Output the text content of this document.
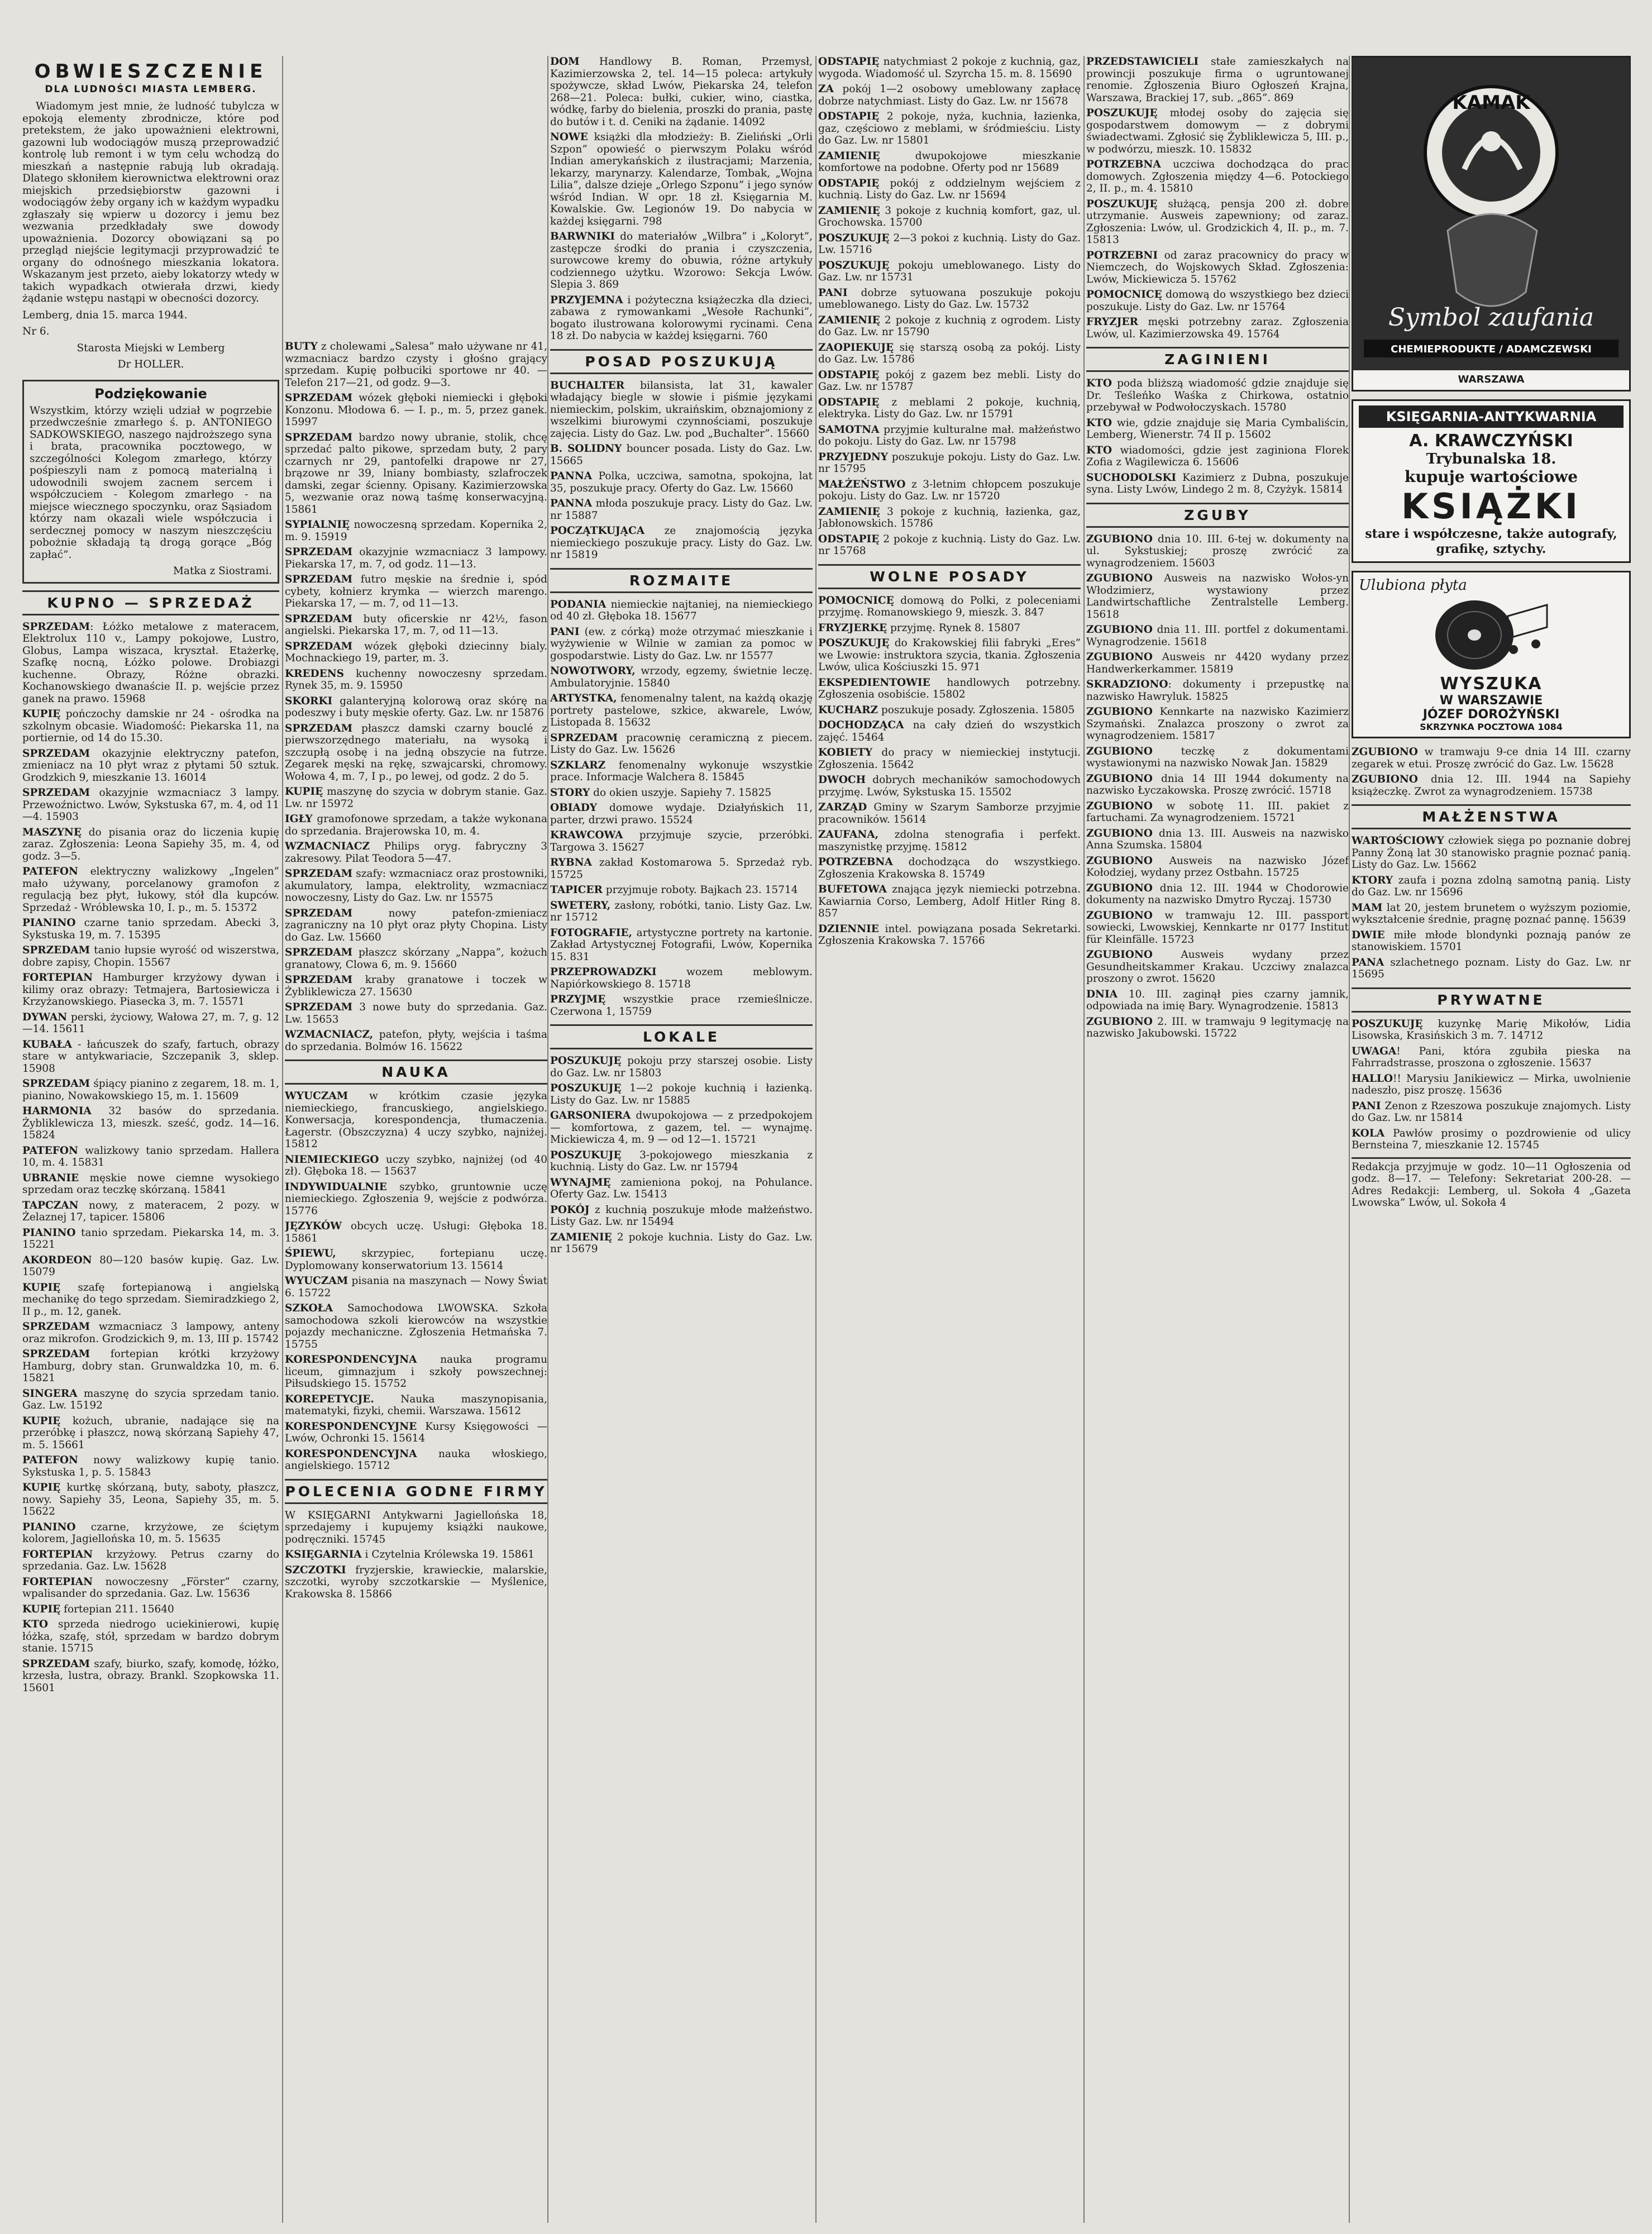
OBWIESZCZENIE
DLA LUDNOŚCI MIASTA LEMBERG.

Wiadomym jest mnie, że ludność tubylcza w epokoją elementy zbrodnicze, które pod pretekstem, że jako upoważnieni elektrowni, gazowni lub wodociągów muszą przeprowadzić kontrolę lub remont i w tym celu wchodzą do mieszkań a następnie rabują lub okradają. Dlatego skłoniłem kierownictwa elektrowni oraz miejskich przedsiębiorstw gazowni i wodociągów żeby organy ich w każdym wypadku zgłaszały się wpierw u dozorcy i jemu bez wezwania przedkładały swe dowody upoważnienia. Dozorcy obowiązani są po przegląd niejście legitymacji przyprowadzić te organy do odnośnego mieszkania lokatora. Wskazanym jest przeto, aieby lokatorzy wtedy w takich wypadkach otwierała drzwi, kiedy żądanie wstępu nastąpi w obecności dozorcy.

Lemberg, dnia 15. marca 1944.

Nr 6.

Starosta Miejski w Lemberg

Dr HOLLER.

Podziękowanie

Wszystkim, którzy wzięli udział w pogrzebie przedwcześnie zmarłego ś. p. ANTONIEGO SADKOWSKIEGO, naszego najdroższego syna i brata, pracownika pocztowego, w szczególności Kolegom zmarłego, którzy pośpieszyli nam z pomocą materialną i udowodnili swojem zacnem sercem i współczuciem - Kolegom zmarłego - na miejsce wiecznego spoczynku, oraz Sąsiadom którzy nam okazali wiele współczucia i serdecznej pomocy w naszym nieszczęściu pobożnie składają tą drogą gorące „Bóg zapłać”.

Matka z Siostrami.

KUPNO — SPRZEDAŻ

SPRZEDAM: Łóżko metalowe z materacem, Elektrolux 110 v., Lampy pokojowe, Lustro, Globus, Lampa wiszaca, kryształ. Etażerkę, Szafkę nocną, Łóżko polowe. Drobiazgi kuchenne. Obrazy, Różne obrazki. Kochanowskiego dwanaście II. p. wejście przez ganek na prawo. 15968

KUPIĘ pończochy damskie nr 24 - ośrodka na szkolnym obcasie. Wiadomość: Piekarska 11, na portiernie, od 14 do 15.30.

SPRZEDAM okazyjnie elektryczny patefon, zmieniacz na 10 płyt wraz z płytami 50 sztuk. Grodzkich 9, mieszkanie 13. 16014

SPRZEDAM okazyjnie wzmacniacz 3 lampy. Przewoźnictwo. Lwów, Sykstuska 67, m. 4, od 11—4. 15903

MASZYNĘ do pisania oraz do liczenia kupię zaraz. Zgłoszenia: Leona Sapiehy 35, m. 4, od godz. 3—5.

PATEFON elektryczny walizkowy „Ingelen” mało używany, porcelanowy gramofon z regulacją bez płyt, łukowy, stół dla kupców. Sprzedaż - Wróblewska 10, I. p., m. 5. 15372

PIANINO czarne tanio sprzedam. Abecki 3, Sykstuska 19, m. 7. 15395

SPRZEDAM tanio łupsie wyrość od wiszerstwa, dobre zapisy, Chopin. 15567

FORTEPIAN Hamburger krzyżowy dywan i kilimy oraz obrazy: Tetmajera, Bartosiewicza i Krzyżanowskiego. Piasecka 3, m. 7. 15571

DYWAN perski, życiowy, Wałowa 27, m. 7, g. 12—14. 15611

KUBAŁA - łańcuszek do szafy, fartuch, obrazy stare w antykwariacie, Szczepanik 3, sklep. 15908

SPRZEDAM śpiący pianino z zegarem, 18. m. 1, pianino, Nowakowskiego 15, m. 1. 15609

HARMONIA 32 basów do sprzedania. Żybliklewicza 13, mieszk. sześć, godz. 14—16. 15824

PATEFON walizkowy tanio sprzedam. Hallera 10, m. 4. 15831

UBRANIE męskie nowe ciemne wysokiego sprzedam oraz teczkę skórzaną. 15841

TAPCZAN nowy, z materacem, 2 pozy. w Żelaznej 17, tapicer. 15806

PIANINO tanio sprzedam. Piekarska 14, m. 3. 15221

AKORDEON 80—120 basów kupię. Gaz. Lw. 15079

KUPIĘ szafę fortepianową i angielską mechanikę do tego sprzedam. Siemiradzkiego 2, II p., m. 12, ganek.

SPRZEDAM wzmacniacz 3 lampowy, anteny oraz mikrofon. Grodzickich 9, m. 13, III p. 15742

SPRZEDAM fortepian krótki krzyżowy Hamburg, dobry stan. Grunwaldzka 10, m. 6. 15821

SINGERA maszynę do szycia sprzedam tanio. Gaz. Lw. 15192

KUPIĘ kożuch, ubranie, nadające się na przeróbkę i płaszcz, nową skórzaną Sapiehy 47, m. 5. 15661

PATEFON nowy walizkowy kupię tanio. Sykstuska 1, p. 5. 15843

KUPIĘ kurtkę skórzaną, buty, saboty, płaszcz, nowy. Sapiehy 35, Leona, Sapiehy 35, m. 5. 15622

PIANINO czarne, krzyżowe, ze ściętym kolorem, Jagiellońska 10, m. 5. 15635

FORTEPIAN krzyżowy. Petrus czarny do sprzedania. Gaz. Lw. 15628

FORTEPIAN nowoczesny „Förster” czarny, wpalisander do sprzedania. Gaz. Lw. 15636

KUPIĘ fortepian 211. 15640

KTO sprzeda niedrogo uciekinierowi, kupię łóżka, szafę, stół, sprzedam w bardzo dobrym stanie. 15715

SPRZEDAM szafy, biurko, szafy, komodę, łóżko, krzesła, lustra, obrazy. Brankl. Szopkowska 11. 15601

BUTY z cholewami „Salesa” mało używane nr 41, wzmacniacz bardzo czysty i głośno grający sprzedam. Kupię połbuciki sportowe nr 40. — Telefon 217—21, od godz. 9—3.

SPRZEDAM wózek głęboki niemiecki i głęboki Konzonu. Młodowa 6. — I. p., m. 5, przez ganek. 15997

SPRZEDAM bardzo nowy ubranie, stolik, chcę sprzedać palto pikowe, sprzedam buty, 2 pary czarnych nr 29, pantofelki drapowe nr 27, brązowe nr 39, lniany bombiasty, szlafroczek damski, zegar ścienny. Opisany. Kazimierzowska 5, wezwanie oraz nową taśmę konserwacyjną. 15861

SYPIALNIĘ nowoczesną sprzedam. Kopernika 2, m. 9. 15919

SPRZEDAM okazyjnie wzmacniacz 3 lampowy. Piekarska 17, m. 7, od godz. 11—13.

SPRZEDAM futro męskie na średnie i, spód cybety, kołnierz krymka — wierzch marengo. Piekarska 17, — m. 7, od 11—13.

SPRZEDAM buty oficerskie nr 42½, fason angielski. Piekarska 17, m. 7, od 11—13.

SPRZEDAM wózek głęboki dziecinny bialy. Mochnackiego 19, parter, m. 3.

KREDENS kuchenny nowoczesny sprzedam. Rynek 35, m. 9. 15950

SKORKI galanteryjną kolorową oraz skórę na podeszwy i buty męskie oferty. Gaz. Lw. nr 15876

SPRZEDAM płaszcz damski czarny bouclé z pierwszorzędnego materiału, na wysoką i szczupłą osobę i na jedną obszycie na futrze. Zegarek męski na rękę, szwajcarski, chromowy. Wołowa 4, m. 7, I p., po lewej, od godz. 2 do 5.

KUPIĘ maszynę do szycia w dobrym stanie. Gaz. Lw. nr 15972

IGŁY gramofonowe sprzedam, a także wykonana do sprzedania. Brajerowska 10, m. 4.

WZMACNIACZ Philips oryg. fabryczny 3 zakresowy. Pilat Teodora 5—47.

SPRZEDAM szafy: wzmacniacz oraz prostowniki, akumulatory, lampa, elektrolity, wzmacniacz nowoczesny, Listy do Gaz. Lw. nr 15575

SPRZEDAM nowy patefon-zmieniacz zagraniczny na 10 płyt oraz płyty Chopina. Listy do Gaz. Lw. 15660

SPRZEDAM płaszcz skórzany „Nappa”, kożuch granatowy, Clowa 6, m. 9. 15660

SPRZEDAM kraby granatowe i toczek w Żybliklewicza 27. 15630

SPRZEDAM 3 nowe buty do sprzedania. Gaz. Lw. 15653

WZMACNIACZ, patefon, płyty, wejścia i taśma do sprzedania. Bolmów 16. 15622

NAUKA

WYUCZAM w krótkim czasie języka niemieckiego, francuskiego, angielskiego. Konwersacja, korespondencja, tłumaczenia. Łagerstr. (Obszczyzna) 4 uczy szybko, najniżej. 15812

NIEMIECKIEGO uczy szybko, najniżej (od 40 zł). Głęboka 18. — 15637

INDYWIDUALNIE szybko, gruntownie uczę niemieckiego. Zgłoszenia 9, wejście z podwórza. 15776

JĘZYKÓW obcych uczę. Usługi: Głęboka 18. 15861

ŚPIEWU, skrzypiec, fortepianu uczę. Dyplomowany konserwatorium 13. 15614

WYUCZAM pisania na maszynach — Nowy Świat 6. 15722

SZKOŁA Samochodowa LWOWSKA. Szkoła samochodowa szkoli kierowców na wszystkie pojazdy mechaniczne. Zgłoszenia Hetmańska 7. 15755

KORESPONDENCYJNA nauka programu liceum, gimnazjum i szkoły powszechnej: Piłsudskiego 15. 15752

KOREPETYCJE. Nauka maszynopisania, matematyki, fizyki, chemii. Warszawa. 15612

KORESPONDENCYJNE Kursy Księgowości — Lwów, Ochronki 15. 15614

KORESPONDENCYJNA nauka włoskiego, angielskiego. 15712

POLECENIA GODNE FIRMY

W KSIĘGARNI Antykwarni Jagiellońska 18, sprzedajemy i kupujemy książki naukowe, podręczniki. 15745

KSIĘGARNIA i Czytelnia Królewska 19. 15861

SZCZOTKI fryzjerskie, krawieckie, malarskie, szczotki, wyroby szczotkarskie — Myślenice, Krakowska 8. 15866

DOM Handlowy B. Roman, Przemysł, Kazimierzowska 2, tel. 14—15 poleca: artykuły spożywcze, skład Lwów, Piekarska 24, telefon 268—21. Poleca: bułki, cukier, wino, ciastka, wódkę, farby do bielenia, proszki do prania, pastę do butów i t. d. Ceniki na żądanie. 14092

NOWE książki dla młodzieży: B. Zieliński „Orli Szpon” opowieść o pierwszym Polaku wśród Indian amerykańskich z ilustracjami; Marzenia, lekarzy, marynarzy. Kalendarze, Tombak, „Wojna Lilia”, dalsze dzieje „Orlego Szponu” i jego synów wśród Indian. W opr. 18 zł. Księgarnia M. Kowalskie. Gw. Legionów 19. Do nabycia w każdej księgarni. 798

BARWNIKI do materiałów „Wilbra” i „Koloryt”, zastępcze środki do prania i czyszczenia, surowcowe kremy do obuwia, różne artykuły codziennego użytku. Wzorowo: Sekcja Lwów. Slepia 3. 869

PRZYJEMNA i pożyteczna książeczka dla dzieci, zabawa z rymowankami „Wesołe Rachunki”, bogato ilustrowana kolorowymi rycinami. Cena 18 zł. Do nabycia w każdej księgarni. 760

POSAD POSZUKUJĄ

BUCHALTER bilansista, lat 31, kawaler władający biegle w słowie i piśmie językami niemieckim, polskim, ukraińskim, obznajomiony z wszelkimi biurowymi czynnościami, poszukuje zajęcia. Listy do Gaz. Lw. pod „Buchalter”. 15660

B. SOLIDNY bouncer posada. Listy do Gaz. Lw. 15665

PANNA Polka, uczciwa, samotna, spokojna, lat 35, poszukuje pracy. Oferty do Gaz. Lw. 15660

PANNA młoda poszukuje pracy. Listy do Gaz. Lw. nr 15887

POCZĄTKUJĄCA ze znajomością języka niemieckiego poszukuje pracy. Listy do Gaz. Lw. nr 15819

ROZMAITE

PODANIA niemieckie najtaniej, na niemieckiego od 40 zł. Głęboka 18. 15677

PANI (ew. z córką) może otrzymać mieszkanie i wyżywienie w Wilnie w zamian za pomoc w gospodarstwie. Listy do Gaz. Lw. nr 15577

NOWOTWORY, wrzody, egzemy, świetnie leczę. Ambulatoryjnie. 15840

ARTYSTKA, fenomenalny talent, na każdą okazję portrety pastelowe, szkice, akwarele, Lwów, Listopada 8. 15632

SPRZEDAM pracownię ceramiczną z piecem. Listy do Gaz. Lw. 15626

SZKLARZ fenomenalny wykonuje wszystkie prace. Informacje Walchera 8. 15845

STORY do okien uszyje. Sapiehy 7. 15825

OBIADY domowe wydaje. Działyńskich 11, parter, drzwi prawo. 15524

KRAWCOWA przyjmuje szycie, przeróbki. Targowa 3. 15627

RYBNA zakład Kostomarowa 5. Sprzedaż ryb. 15725

TAPICER przyjmuje roboty. Bajkach 23. 15714

SWETERY, zasłony, robótki, tanio. Listy Gaz. Lw. nr 15712

FOTOGRAFIE, artystyczne portrety na kartonie. Zakład Artystycznej Fotografii, Lwów, Kopernika 15. 831

PRZEPROWADZKI wozem meblowym. Napiórkowskiego 8. 15718

PRZYJMĘ wszystkie prace rzemieślnicze. Czerwona 1, 15759

LOKALE

POSZUKUJĘ pokoju przy starszej osobie. Listy do Gaz. Lw. nr 15803

POSZUKUJĘ 1—2 pokoje kuchnią i łazienką. Listy do Gaz. Lw. nr 15885

GARSONIERA dwupokojowa — z przedpokojem — komfortowa, z gazem, tel. — wynajmę. Mickiewicza 4, m. 9 — od 12—1. 15721

POSZUKUJĘ 3-pokojowego mieszkania z kuchnią. Listy do Gaz. Lw. nr 15794

WYNAJMĘ zamieniona pokoj, na Pohulance. Oferty Gaz. Lw. 15413

POKÓJ z kuchnią poszukuje młode małżeństwo. Listy Gaz. Lw. nr 15494

ZAMIENIĘ 2 pokoje kuchnia. Listy do Gaz. Lw. nr 15679

ODSTAPIĘ natychmiast 2 pokoje z kuchnią, gaz, wygoda. Wiadomość ul. Szyrcha 15. m. 8. 15690

ZA pokój 1—2 osobowy umeblowany zapłacę dobrze natychmiast. Listy do Gaz. Lw. nr 15678

ODSTAPIĘ 2 pokoje, nyża, kuchnia, łazienka, gaz, częściowo z meblami, w śródmieściu. Listy do Gaz. Lw. nr 15801

ZAMIENIĘ dwupokojowe mieszkanie komfortowe na podobne. Oferty pod nr 15689

ODSTAPIĘ pokój z oddzielnym wejściem z kuchnią. Listy do Gaz. Lw. nr 15694

ZAMIENIĘ 3 pokoje z kuchnią komfort, gaz, ul. Grochowska. 15700

POSZUKUJĘ 2—3 pokoi z kuchnią. Listy do Gaz. Lw. 15716

POSZUKUJĘ pokoju umeblowanego. Listy do Gaz. Lw. nr 15731

PANI dobrze sytuowana poszukuje pokoju umeblowanego. Listy do Gaz. Lw. 15732

ZAMIENIĘ 2 pokoje z kuchnią z ogrodem. Listy do Gaz. Lw. nr 15790

ZAOPIEKUJĘ się starszą osobą za pokój. Listy do Gaz. Lw. 15786

ODSTAPIĘ pokój z gazem bez mebli. Listy do Gaz. Lw. nr 15787

ODSTAPIĘ z meblami 2 pokoje, kuchnią, elektryka. Listy do Gaz. Lw. nr 15791

SAMOTNA przyjmie kulturalne mał. małżeństwo do pokoju. Listy do Gaz. Lw. nr 15798

PRZYJEDNY poszukuje pokoju. Listy do Gaz. Lw. nr 15795

MAŁŻEŃSTWO z 3-letnim chłopcem poszukuje pokoju. Listy do Gaz. Lw. nr 15720

ZAMIENIĘ 3 pokoje z kuchnią, łazienka, gaz, Jabłonowskich. 15786

ODSTAPIĘ 2 pokoje z kuchnią. Listy do Gaz. Lw. nr 15768

WOLNE POSADY

POMOCNICĘ domową do Polki, z poleceniami przyjmę. Romanowskiego 9, mieszk. 3. 847

FRYZJERKĘ przyjmę. Rynek 8. 15807

POSZUKUJĘ do Krakowskiej filii fabryki „Eres” we Lwowie: instruktora szycia, tkania. Zgłoszenia Lwów, ulica Kościuszki 15. 971

EKSPEDIENTOWIE handlowych potrzebny. Zgłoszenia osobiście. 15802

KUCHARZ poszukuje posady. Zgłoszenia. 15805

DOCHODZĄCA na cały dzień do wszystkich zajęć. 15464

KOBIETY do pracy w niemieckiej instytucji. Zgłoszenia. 15642

DWOCH dobrych mechaników samochodowych przyjmę. Lwów, Sykstuska 15. 15502

ZARZĄD Gminy w Szarym Samborze przyjmie pracowników. 15614

ZAUFANA, zdolna stenografia i perfekt. maszynistkę przyjmę. 15812

POTRZEBNA dochodząca do wszystkiego. Zgłoszenia Krakowska 8. 15749

BUFETOWA znająca język niemiecki potrzebna. Kawiarnia Corso, Lemberg, Adolf Hitler Ring 8. 857

DZIENNIE intel. powiązana posada Sekretarki. Zgłoszenia Krakowska 7. 15766

PRZEDSTAWICIELI stałe zamieszkałych na prowincji poszukuje firma o ugruntowanej renomie. Zgłoszenia Biuro Ogłoszeń Krajna, Warszawa, Brackiej 17, sub. „865”. 869

POSZUKUJĘ młodej osoby do zajęcia się gospodarstwem domowym — z dobrymi świadectwami. Zgłosić się Żybliklewicza 5, III. p., w podwórzu, mieszk. 10. 15832

POTRZEBNA uczciwa dochodząca do prac domowych. Zgłoszenia między 4—6. Potockiego 2, II. p., m. 4. 15810

POSZUKUJĘ służącą, pensja 200 zł. dobre utrzymanie. Ausweis zapewniony; od zaraz. Zgłoszenia: Lwów, ul. Grodzickich 4, II. p., m. 7. 15813

POTRZEBNI od zaraz pracownicy do pracy w Niemczech, do Wojskowych Skład. Zgłoszenia: Lwów, Mickiewicza 5. 15762

POMOCNICĘ domową do wszystkiego bez dzieci poszukuje. Listy do Gaz. Lw. nr 15764

FRYZJER męski potrzebny zaraz. Zgłoszenia Lwów, ul. Kazimierzowska 49. 15764

ZAGINIENI

KTO poda bliższą wiadomość gdzie znajduje się Dr. Teśleńko Waśka z Chirkowa, ostatnio przebywał w Podwołoczyskach. 15780

KTO wie, gdzie znajduje się Maria Cymbaliścin, Lemberg, Wienerstr. 74 II p. 15602

KTO wiadomości, gdzie jest zaginiona Florek Zofia z Wagilewicza 6. 15606

SUCHODOLSKI Kazimierz z Dubna, poszukuje syna. Listy Lwów, Lindego 2 m. 8, Czyżyk. 15814

ZGUBY

ZGUBIONO dnia 10. III. 6-tej w. dokumenty na ul. Sykstuskiej; proszę zwrócić za wynagrodzeniem. 15603

ZGUBIONO Ausweis na nazwisko Wołos-yn Włodzimierz, wystawiony przez Landwirtschaftliche Zentralstelle Lemberg. 15618

ZGUBIONO dnia 11. III. portfel z dokumentami. Wynagrodzenie. 15618

ZGUBIONO Ausweis nr 4420 wydany przez Handwerkerkammer. 15819

SKRADZIONO: dokumenty i przepustkę na nazwisko Hawryluk. 15825

ZGUBIONO Kennkarte na nazwisko Kazimierz Szymański. Znalazca proszony o zwrot za wynagrodzeniem. 15817

ZGUBIONO teczkę z dokumentami wystawionymi na nazwisko Nowak Jan. 15829

ZGUBIONO dnia 14 III 1944 dokumenty na nazwisko Łyczakowska. Proszę zwrócić. 15718

ZGUBIONO w sobotę 11. III. pakiet z fartuchami. Za wynagrodzeniem. 15721

ZGUBIONO dnia 13. III. Ausweis na nazwisko Anna Szumska. 15804

ZGUBIONO Ausweis na nazwisko Józef Kołodziej, wydany przez Ostbahn. 15725

ZGUBIONO dnia 12. III. 1944 w Chodorowie dokumenty na nazwisko Dmytro Ryczaj. 15730

ZGUBIONO w tramwaju 12. III. passport sowiecki, Lwowskiej, Kennkarte nr 0177 Institut für Kleinfälle. 15723

ZGUBIONO Ausweis wydany przez Gesundheitskammer Krakau. Uczciwy znalazca proszony o zwrot. 15620

DNIA 10. III. zaginął pies czarny jamnik, odpowiada na imię Bary. Wynagrodzenie. 15813

ZGUBIONO 2. III. w tramwaju 9 legitymację na nazwisko Jakubowski. 15722

KAMAK
Symbol zaufania
CHEMIEPRODUKTE / ADAMCZEWSKI
WARSZAWA
KSIĘGARNIA-ANTYKWARNIA
A. KRAWCZYŃSKI
Trybunalska 18.
kupuje wartościowe
KSIĄŻKI
stare i współczesne, także autografy, grafikę, sztychy.
Ulubiona płyta
WYSZUKA
W WARSZAWIE
JÓZEF DOROŻYŃSKI
SKRZYNKA POCZTOWA 1084

ZGUBIONO w tramwaju 9-ce dnia 14 III. czarny zegarek w etui. Proszę zwrócić do Gaz. Lw. 15628

ZGUBIONO dnia 12. III. 1944 na Sapiehy książeczkę. Zwrot za wynagrodzeniem. 15738

MAŁŻENSTWA

WARTOŚCIOWY człowiek sięga po poznanie dobrej Panny Żoną lat 30 stanowisko pragnie poznać panią. Listy do Gaz. Lw. 15662

KTORY zaufa i pozna zdolną samotną panią. Listy do Gaz. Lw. nr 15696

MAM lat 20, jestem brunetem o wyższym poziomie, wykształcenie średnie, pragnę poznać pannę. 15639

DWIE miłe młode blondynki poznają panów ze stanowiskiem. 15701

PANA szlachetnego poznam. Listy do Gaz. Lw. nr 15695

PRYWATNE

POSZUKUJĘ kuzynkę Marię Mikołów, Lidia Lisowska, Krasińskich 3 m. 7. 14712

UWAGA! Pani, która zgubiła pieska na Fahrradstrasse, proszona o zgłoszenie. 15637

HALLO!! Marysiu Janikiewicz — Mirka, uwolnienie nadeszło, pisz proszę. 15636

PANI Zenon z Rzeszowa poszukuje znajomych. Listy do Gaz. Lw. nr 15814

KOLA Pawłów prosimy o pozdrowienie od ulicy Bernsteina 7, mieszkanie 12. 15745

Redakcja przyjmuje w godz. 10—11 Ogłoszenia od godz. 8—17. — Telefony: Sekretariat 200-28. — Adres Redakcji: Lemberg, ul. Sokoła 4 „Gazeta Lwowska” Lwów, ul. Sokoła 4
